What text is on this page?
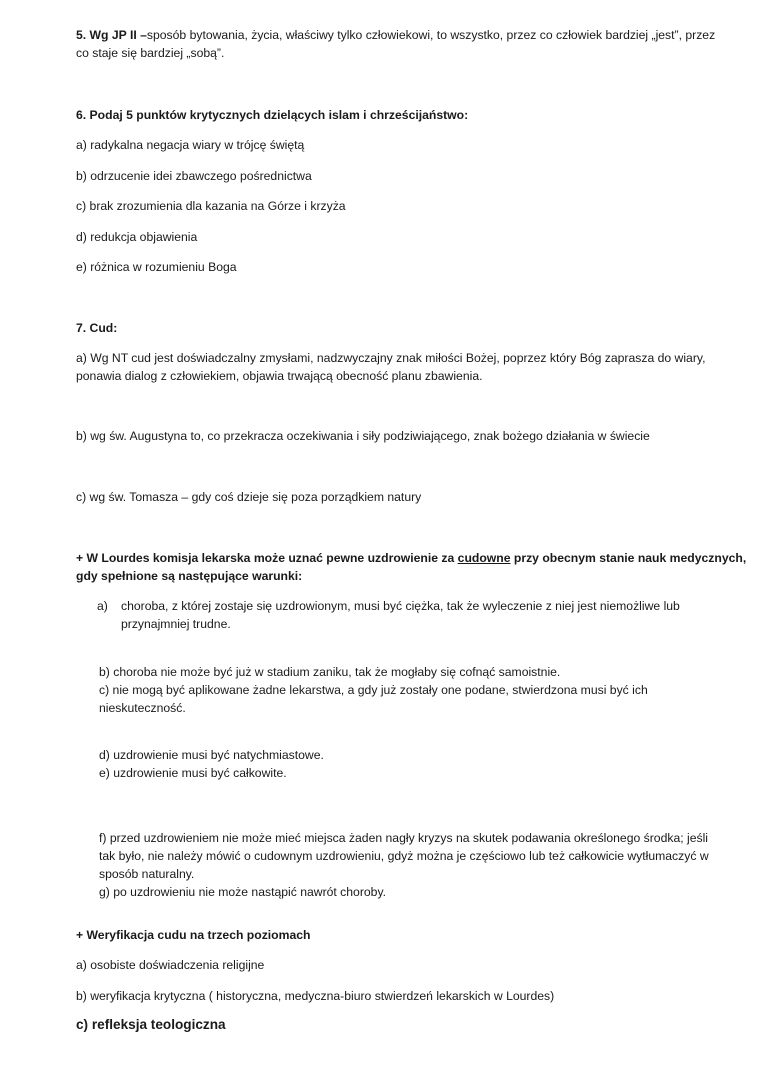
5. Wg JP II –sposób bytowania, życia, właściwy tylko człowiekowi, to wszystko, przez co człowiek bardziej „jest”, przez

co staje się bardziej „sobą”.

6. Podaj 5 punktów krytycznych dzielących islam i chrześcijaństwo:

a) radykalna negacja wiary w trójcę świętą

b) odrzucenie idei zbawczego pośrednictwa

c) brak zrozumienia dla kazania na Górze i krzyża

d) redukcja objawienia

e) różnica w rozumieniu Boga

7. Cud:

a) Wg NT cud jest doświadczalny zmysłami, nadzwyczajny znak miłości Bożej, poprzez który Bóg zaprasza do wiary,

ponawia dialog z człowiekiem, objawia trwającą obecność planu zbawienia.

b) wg św. Augustyna to, co przekracza oczekiwania i siły podziwiającego, znak bożego działania w świecie

c) wg św. Tomasza – gdy coś dzieje się poza porządkiem natury

+ W Lourdes komisja lekarska może uznać pewne uzdrowienie za cudowne przy obecnym stanie nauk medycznych,

gdy spełnione są następujące warunki:

a) choroba, z której zostaje się uzdrowionym, musi być ciężka, tak że wyleczenie z niej jest niemożliwe lub

przynajmniej trudne.

b) choroba nie może być już w stadium zaniku, tak że mogłaby się cofnąć samoistnie.

c) nie mogą być aplikowane żadne lekarstwa, a gdy już zostały one podane, stwierdzona musi być ich

nieskuteczność.

d) uzdrowienie musi być natychmiastowe.

e) uzdrowienie musi być całkowite.

f) przed uzdrowieniem nie może mieć miejsca żaden nagły kryzys na skutek podawania określonego środka; jeśli

tak było, nie należy mówić o cudownym uzdrowieniu, gdyż można je częściowo lub też całkowicie wytłumaczyć w

sposób naturalny.

g) po uzdrowieniu nie może nastąpić nawrót choroby.

+ Weryfikacja cudu na trzech poziomach

a) osobiste doświadczenia religijne

b) weryfikacja krytyczna ( historyczna, medyczna-biuro stwierdzeń lekarskich w Lourdes)

c) refleksja teologiczna
